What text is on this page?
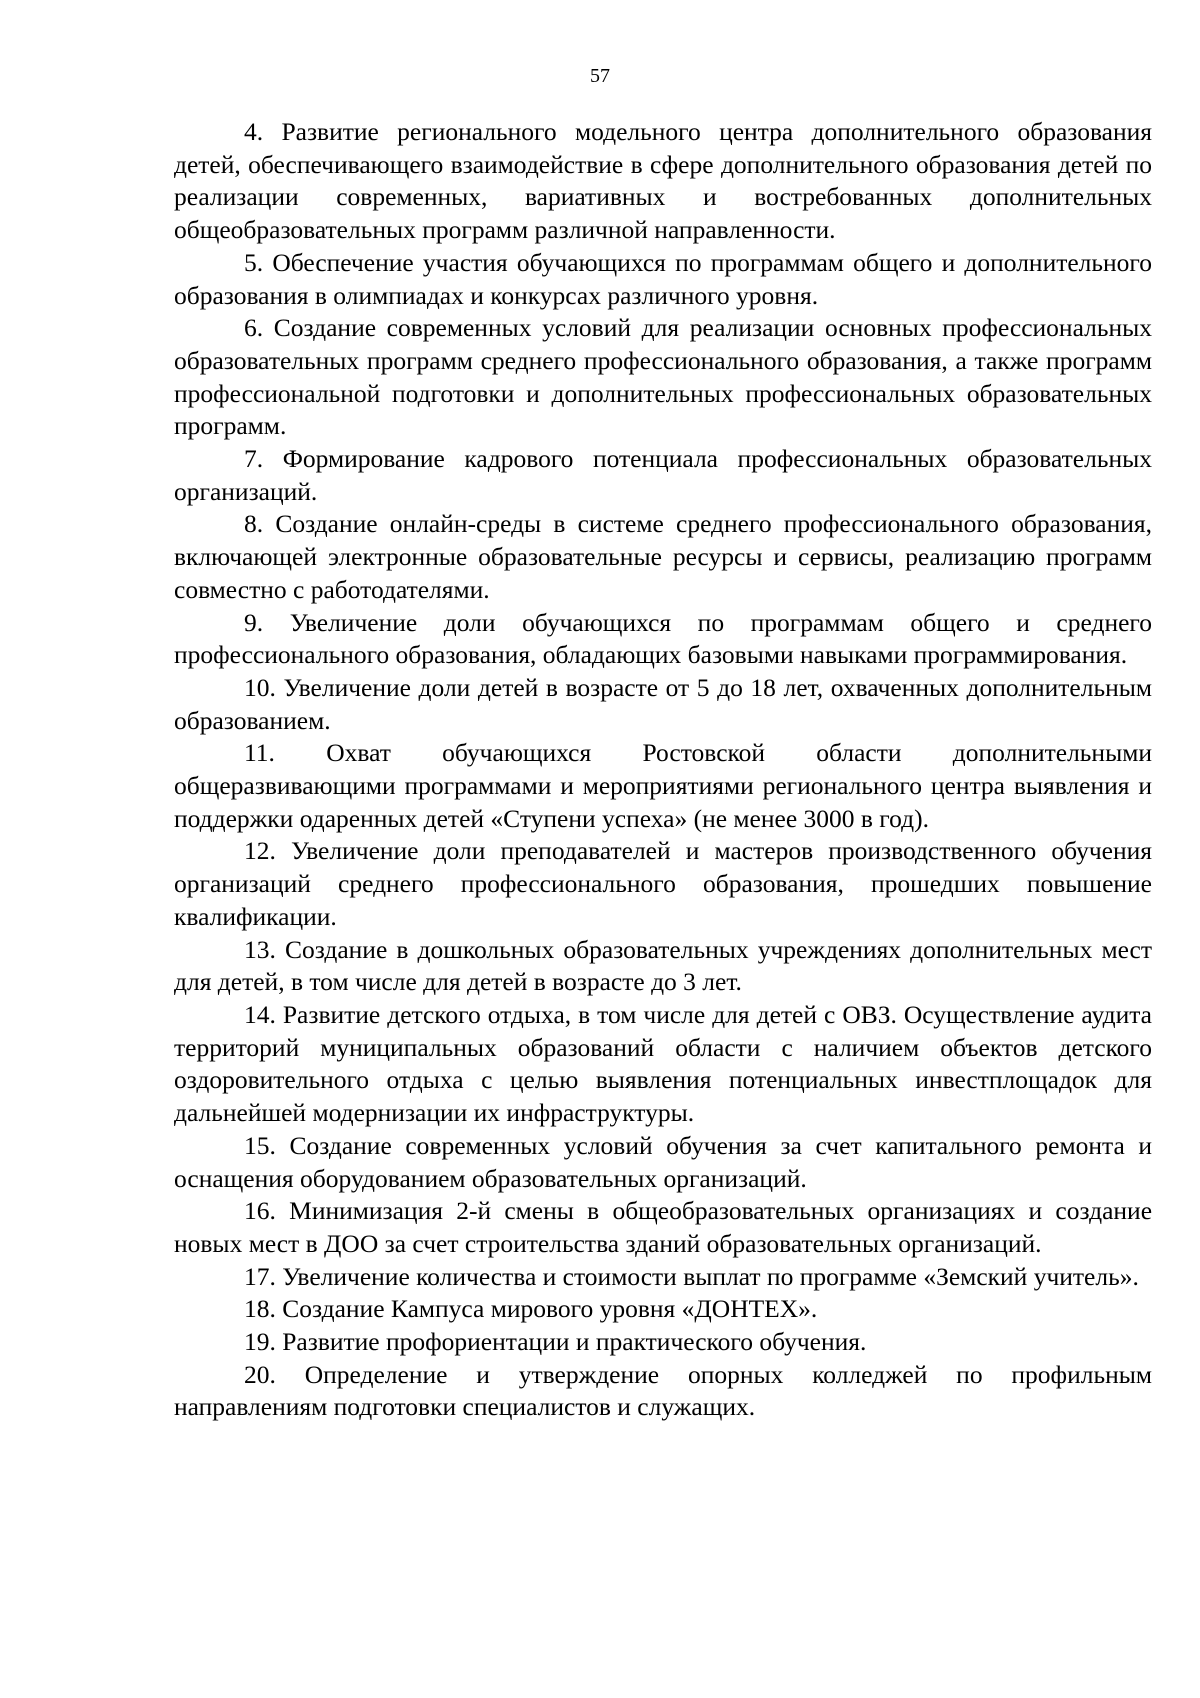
57

4. Развитие регионального модельного центра дополнительного образования детей, обеспечивающего взаимодействие в сфере дополнительного образования детей по реализации современных, вариативных и востребованных дополнительных общеобразовательных программ различной направленности.

5. Обеспечение участия обучающихся по программам общего и дополнительного образования в олимпиадах и конкурсах различного уровня.

6. Создание современных условий для реализации основных профессиональных образовательных программ среднего профессионального образования, а также программ профессиональной подготовки и дополнительных профессиональных образовательных программ.

7. Формирование кадрового потенциала профессиональных образовательных организаций.

8. Создание онлайн-среды в системе среднего профессионального образования, включающей электронные образовательные ресурсы и сервисы, реализацию программ совместно с работодателями.

9. Увеличение доли обучающихся по программам общего и среднего профессионального образования, обладающих базовыми навыками программирования.

10. Увеличение доли детей в возрасте от 5 до 18 лет, охваченных дополнительным образованием.

11. Охват обучающихся Ростовской области дополнительными общеразвивающими программами и мероприятиями регионального центра выявления и поддержки одаренных детей «Ступени успеха» (не менее 3000 в год).

12. Увеличение доли преподавателей и мастеров производственного обучения организаций среднего профессионального образования, прошедших повышение квалификации.

13. Создание в дошкольных образовательных учреждениях дополнительных мест для детей, в том числе для детей в возрасте до 3 лет.

14. Развитие детского отдыха, в том числе для детей с ОВЗ. Осуществление аудита территорий муниципальных образований области с наличием объектов детского оздоровительного отдыха с целью выявления потенциальных инвестплощадок для дальнейшей модернизации их инфраструктуры.

15. Создание современных условий обучения за счет капитального ремонта и оснащения оборудованием образовательных организаций.

16. Минимизация 2-й смены в общеобразовательных организациях и создание новых мест в ДОО за счет строительства зданий образовательных организаций.

17. Увеличение количества и стоимости выплат по программе «Земский учитель».

18. Создание Кампуса мирового уровня «ДОНТЕХ».

19. Развитие профориентации и практического обучения.

20. Определение и утверждение опорных колледжей по профильным направлениям подготовки специалистов и служащих.
